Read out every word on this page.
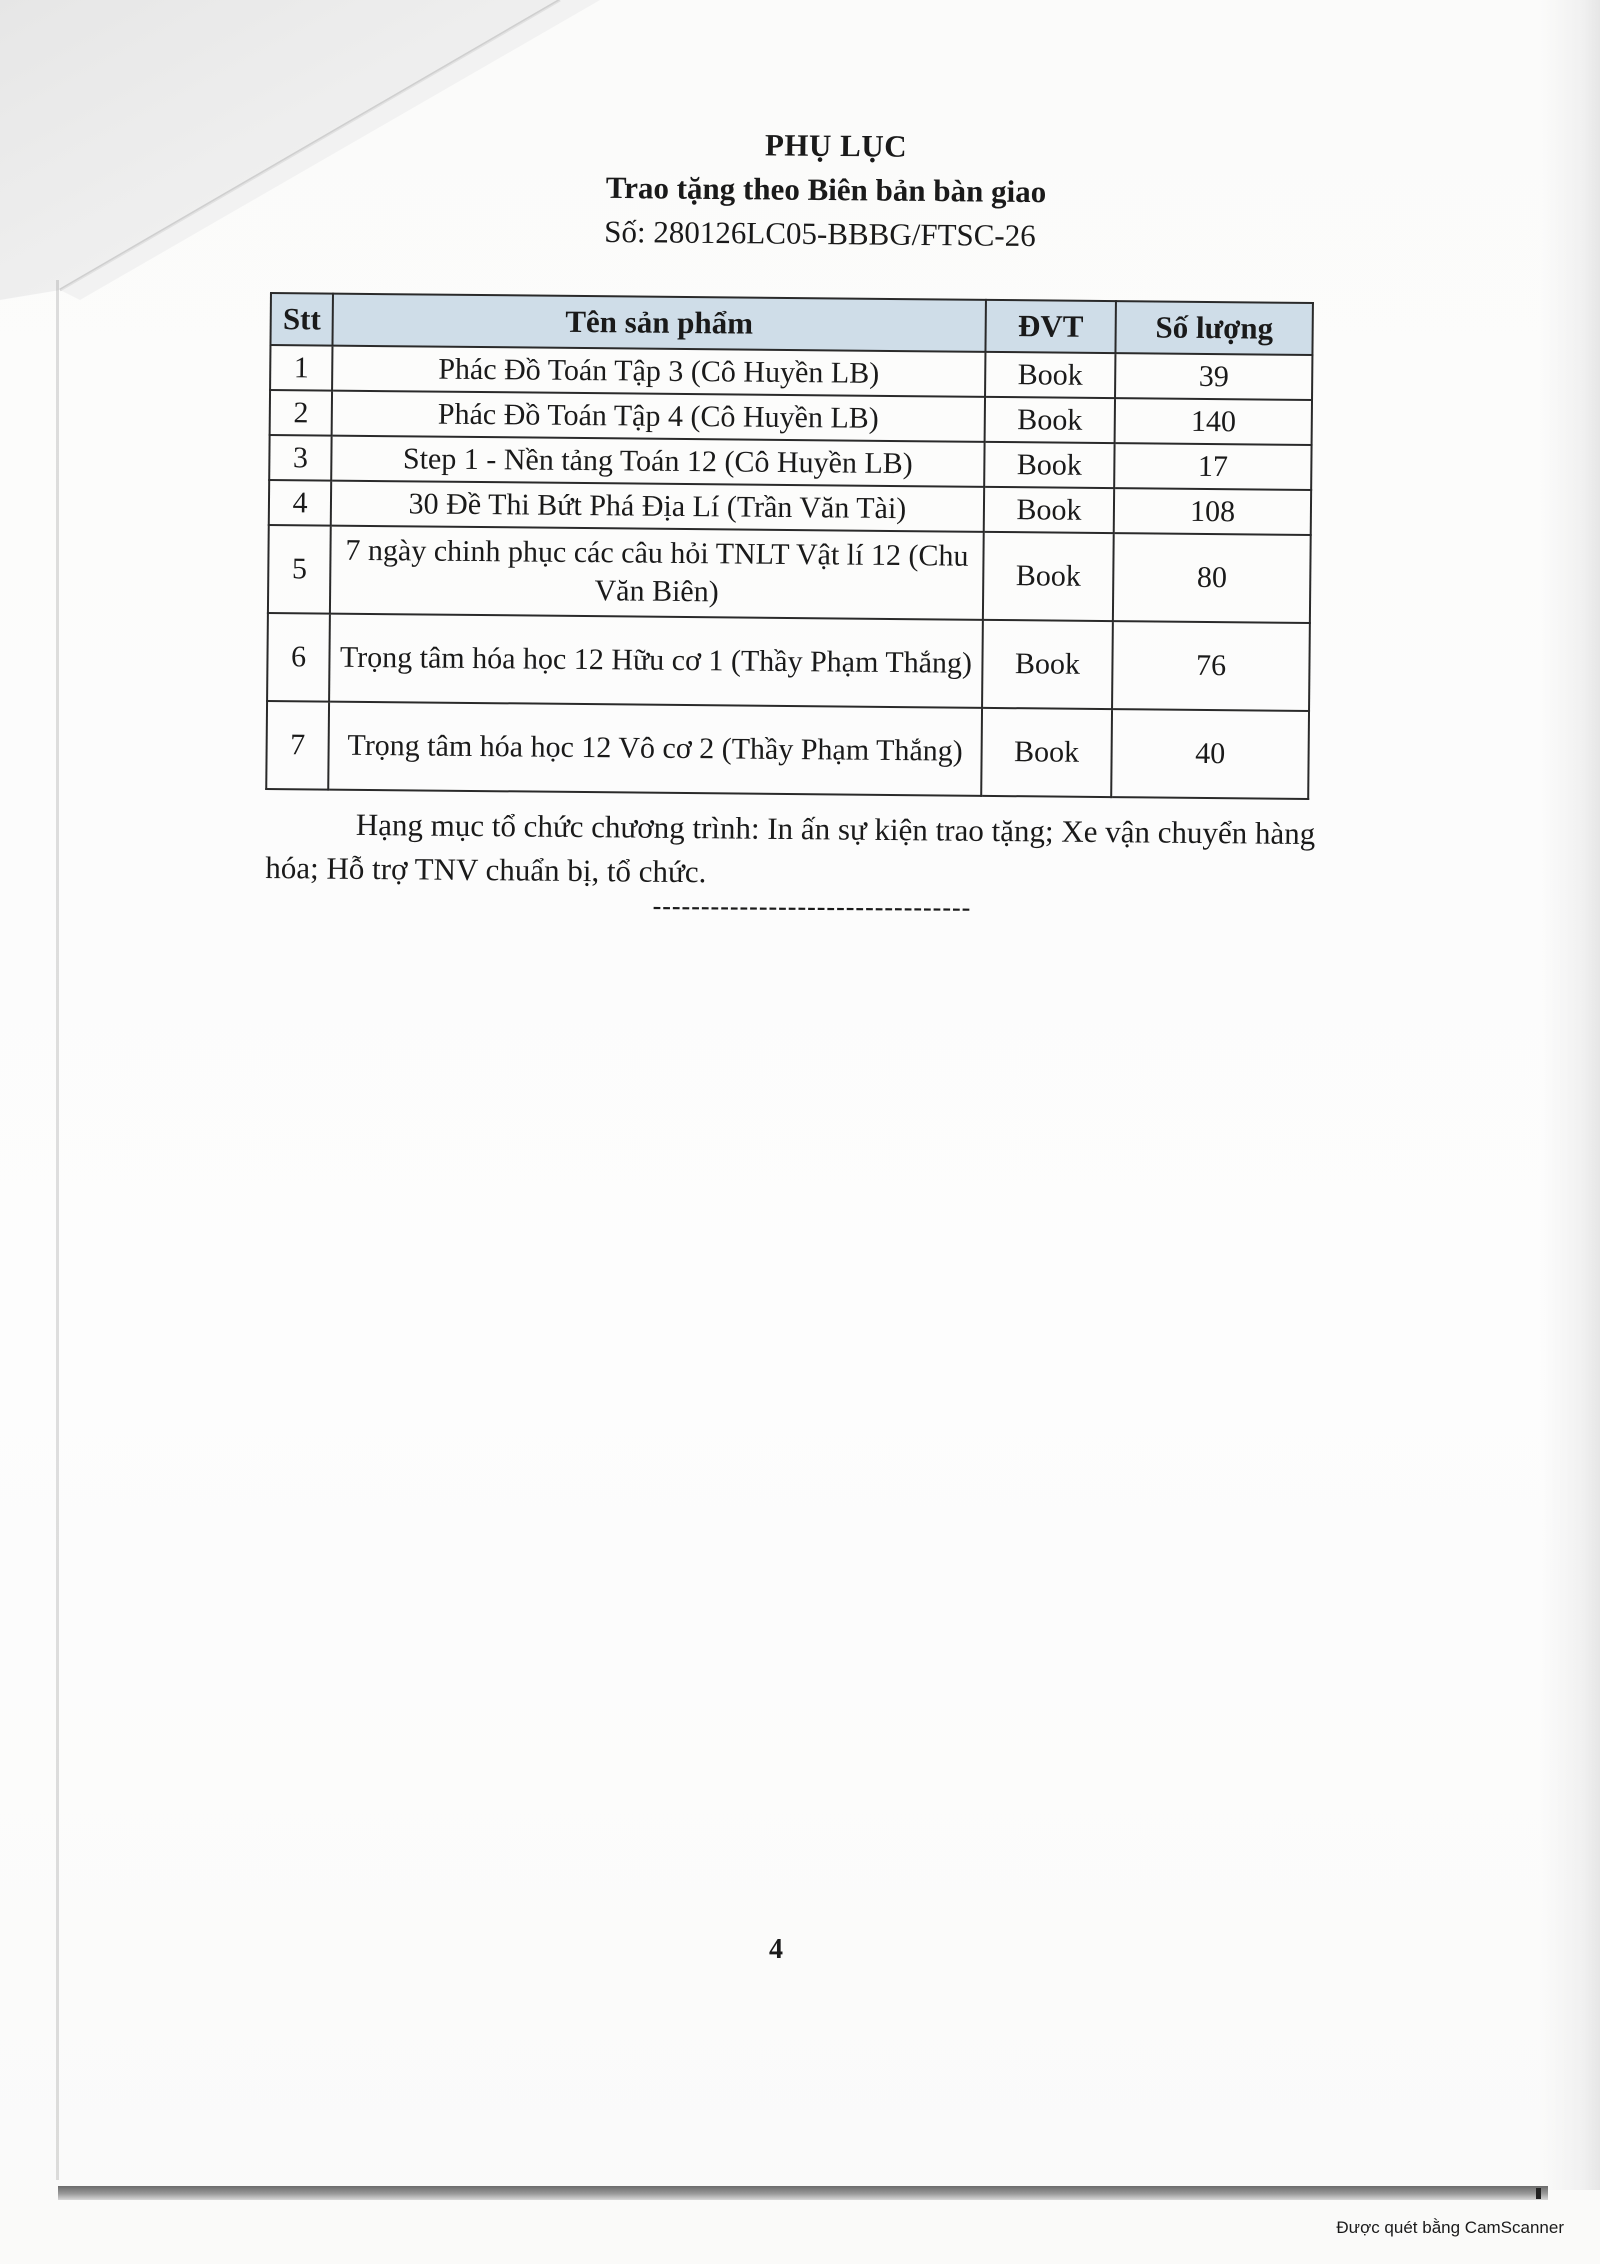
PHỤ LỤC
Trao tặng theo Biên bản bàn giao
Số: 280126LC05-BBBG/FTSC-26
Stt	Tên sản phẩm	ĐVT	Số lượng
1	Phác Đồ Toán Tập 3 (Cô Huyền LB)	Book	39
2	Phác Đồ Toán Tập 4 (Cô Huyền LB)	Book	140
3	Step 1 - Nền tảng Toán 12 (Cô Huyền LB)	Book	17
4	30 Đề Thi Bứt Phá Địa Lí (Trần Văn Tài)	Book	108
5	7 ngày chinh phục các câu hỏi TNLT Vật lí 12 (Chu Văn Biên)	Book	80
6	Trọng tâm hóa học 12 Hữu cơ 1 (Thầy Phạm Thắng)	Book	76
7	Trọng tâm hóa học 12 Vô cơ 2 (Thầy Phạm Thắng)	Book	40
Hạng mục tổ chức chương trình: In ấn sự kiện trao tặng; Xe vận chuyển hàng hóa; Hỗ trợ TNV chuẩn bị, tổ chức.
---------------------------------
4
Được quét bằng CamScanner
